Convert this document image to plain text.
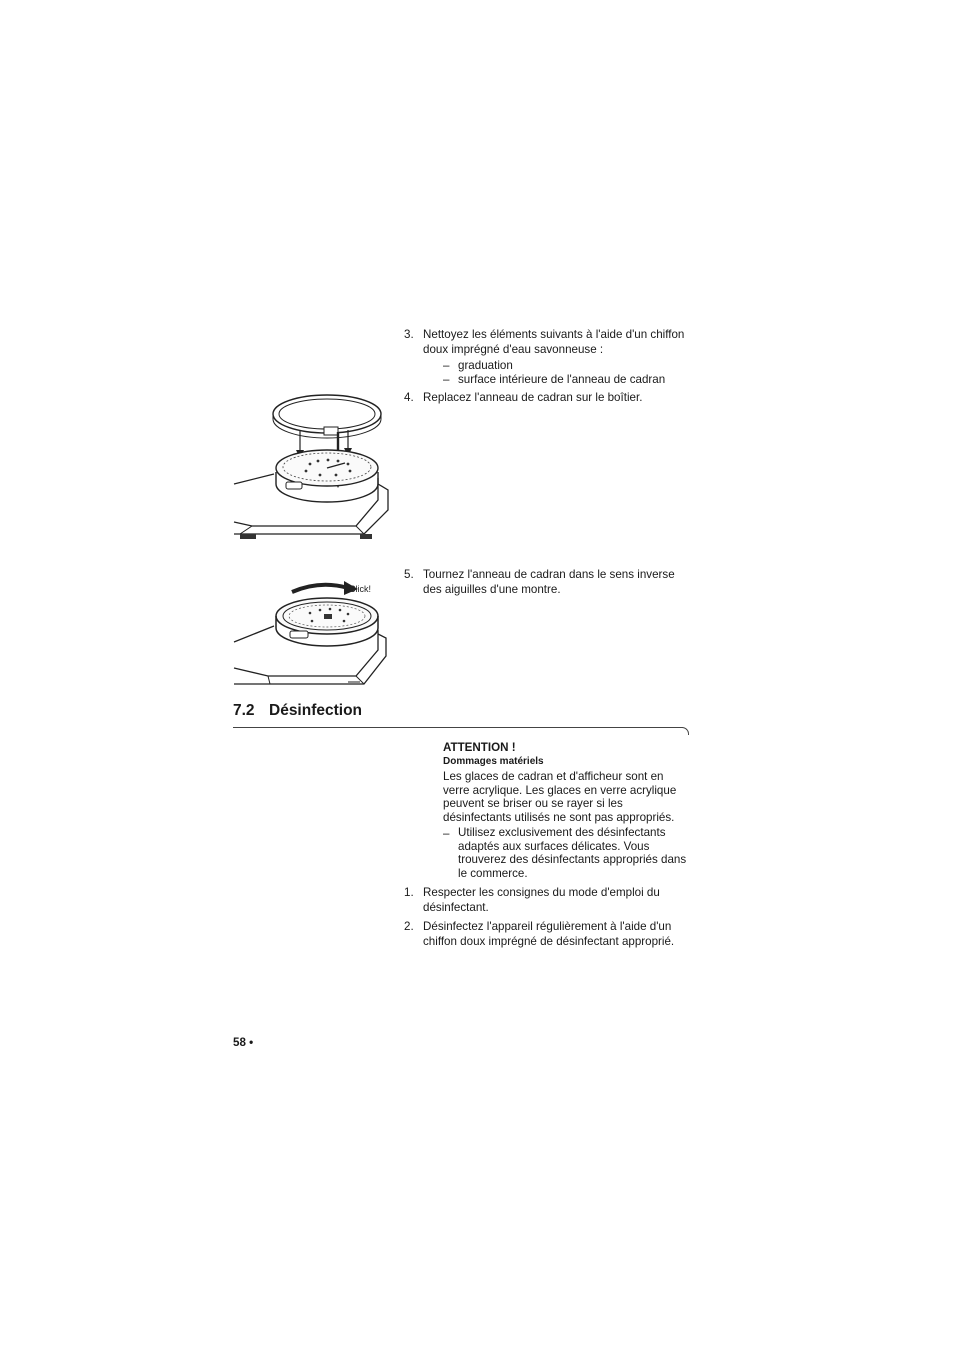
3. Nettoyez les éléments suivants à l'aide d'un chiffon
doux imprégné d'eau savonneuse :
– graduation
– surface intérieure de l'anneau de cadran
4. Replacez l'anneau de cadran sur le boîtier.
5. Tournez l'anneau de cadran dans le sens inverse
des aiguilles d'une montre.
Click!
7.2 Désinfection
ATTENTION !
Dommages matériels
Les glaces de cadran et d'afficheur sont en
verre acrylique. Les glaces en verre acrylique
peuvent se briser ou se rayer si les
désinfectants utilisés ne sont pas appropriés.
– Utilisez exclusivement des désinfectants
adaptés aux surfaces délicates. Vous
trouverez des désinfectants appropriés dans
le commerce.
1. Respecter les consignes du mode d'emploi du
désinfectant.
2. Désinfectez l'appareil régulièrement à l'aide d'un
chiffon doux imprégné de désinfectant approprié.
58 •
